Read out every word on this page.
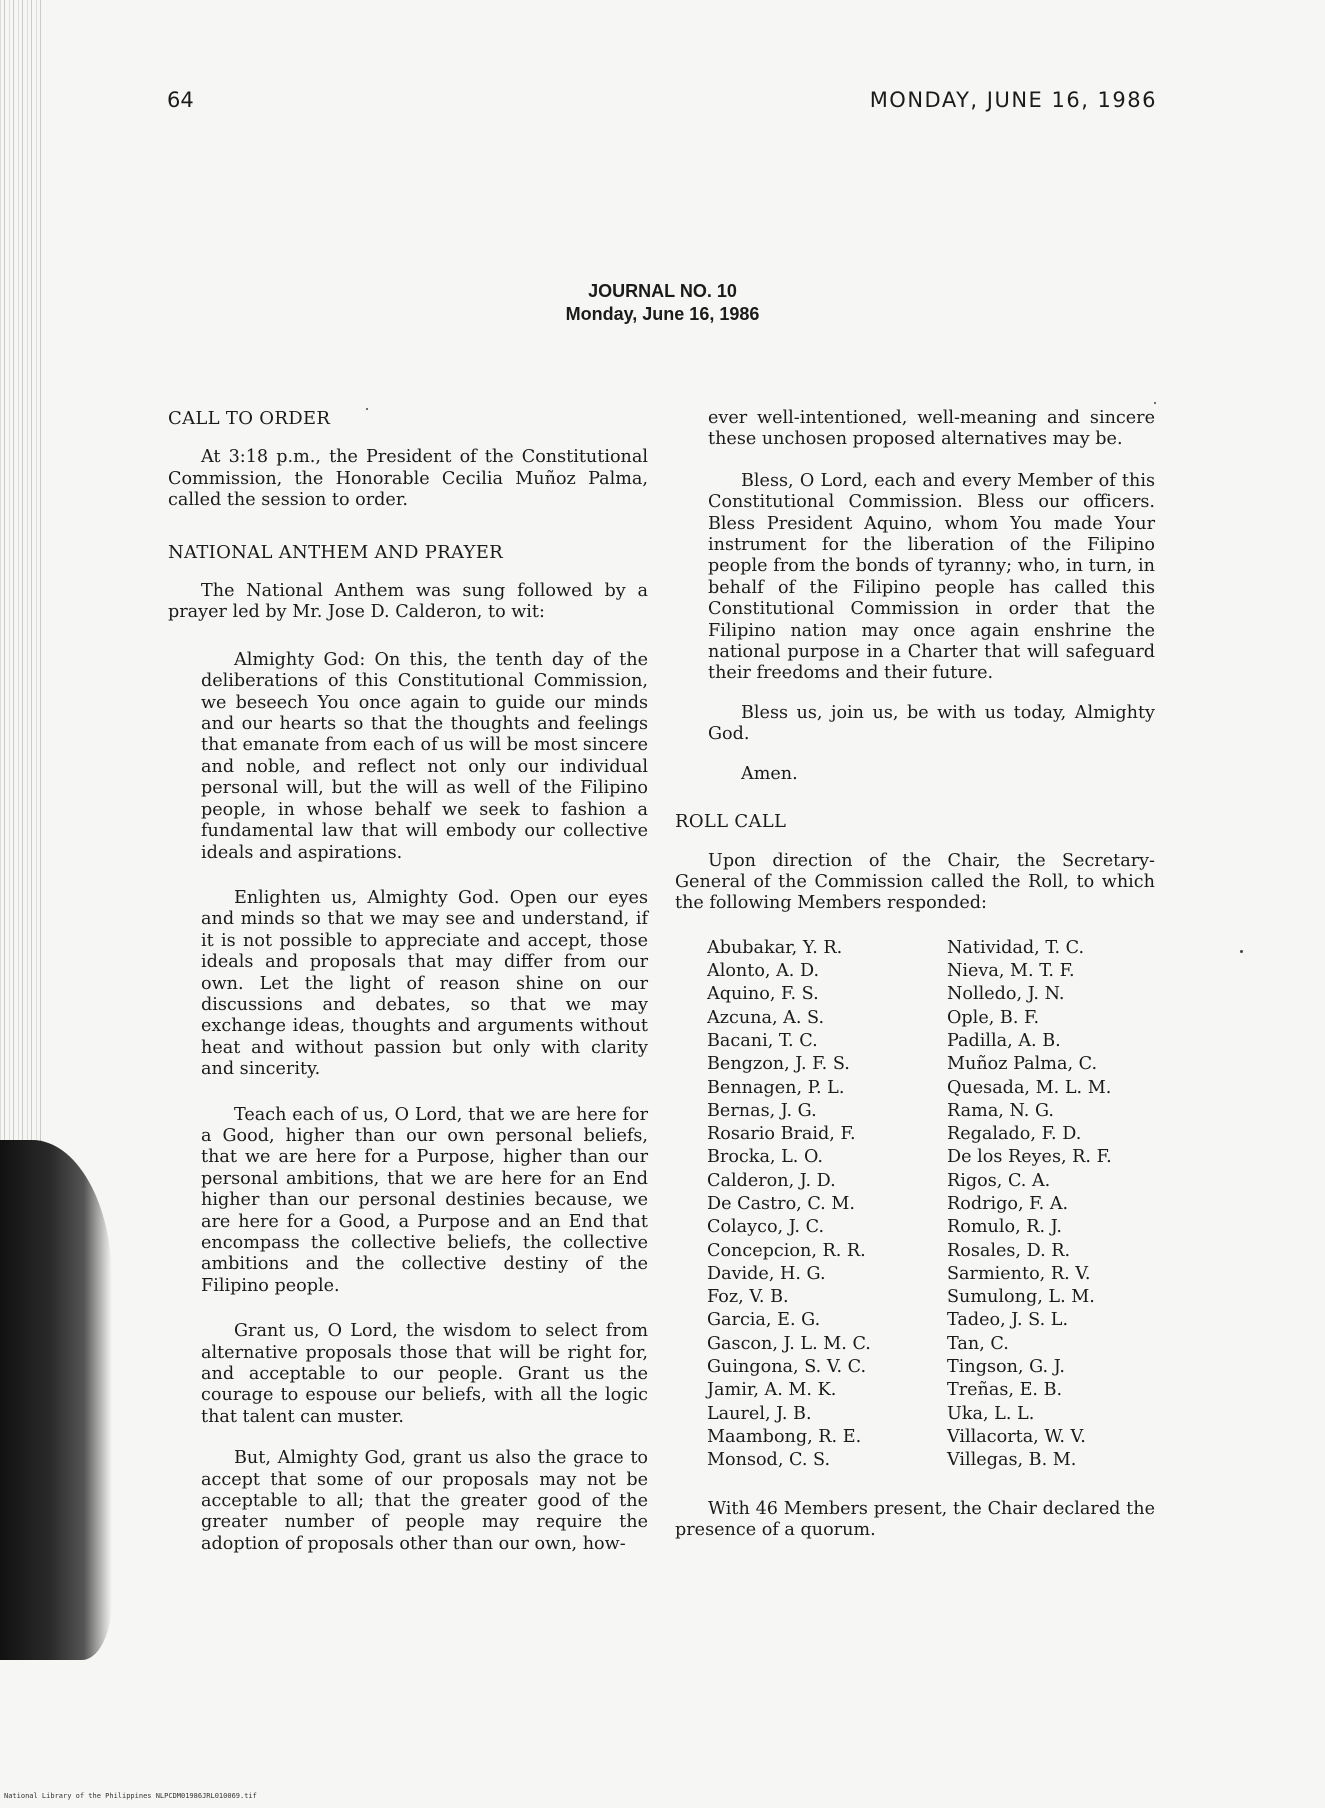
64	MONDAY, JUNE 16, 1986
JOURNAL NO. 10
Monday, June 16, 1986
CALL TO ORDER

At 3:18 p.m., the President of the Constitutional Commission, the Honorable Cecilia Muñoz Palma, called the session to order.

NATIONAL ANTHEM AND PRAYER

The National Anthem was sung followed by a prayer led by Mr. Jose D. Calderon, to wit:

Almighty God: On this, the tenth day of the deliberations of this Constitutional Commission, we beseech You once again to guide our minds and our hearts so that the thoughts and feelings that emanate from each of us will be most sincere and noble, and reflect not only our individual personal will, but the will as well of the Filipino people, in whose behalf we seek to fashion a fundamental law that will embody our collective ideals and aspirations.

Enlighten us, Almighty God. Open our eyes and minds so that we may see and understand, if it is not possible to appreciate and accept, those ideals and proposals that may differ from our own. Let the light of reason shine on our discussions and debates, so that we may exchange ideas, thoughts and arguments without heat and without passion but only with clarity and sincerity.

Teach each of us, O Lord, that we are here for a Good, higher than our own personal beliefs, that we are here for a Purpose, higher than our personal ambitions, that we are here for an End higher than our personal destinies because, we are here for a Good, a Purpose and an End that encompass the collective beliefs, the collective ambitions and the collective destiny of the Filipino people.

Grant us, O Lord, the wisdom to select from alternative proposals those that will be right for, and acceptable to our people. Grant us the courage to espouse our beliefs, with all the logic that talent can muster.

But, Almighty God, grant us also the grace to accept that some of our proposals may not be acceptable to all; that the greater good of the greater number of people may require the adoption of proposals other than our own, how-

ever well-intentioned, well-meaning and sincere these unchosen proposed alternatives may be.

Bless, O Lord, each and every Member of this Constitutional Commission. Bless our officers. Bless President Aquino, whom You made Your instrument for the liberation of the Filipino people from the bonds of tyranny; who, in turn, in behalf of the Filipino people has called this Constitutional Commission in order that the Filipino nation may once again enshrine the national purpose in a Charter that will safeguard their freedoms and their future.

Bless us, join us, be with us today, Almighty God.

Amen.

ROLL CALL

Upon direction of the Chair, the Secretary-General of the Commission called the Roll, to which the following Members responded:

Abubakar, Y. R.
Alonto, A. D.
Aquino, F. S.
Azcuna, A. S.
Bacani, T. C.
Bengzon, J. F. S.
Bennagen, P. L.
Bernas, J. G.
Rosario Braid, F.
Brocka, L. O.
Calderon, J. D.
De Castro, C. M.
Colayco, J. C.
Concepcion, R. R.
Davide, H. G.
Foz, V. B.
Garcia, E. G.
Gascon, J. L. M. C.
Guingona, S. V. C.
Jamir, A. M. K.
Laurel, J. B.
Maambong, R. E.
Monsod, C. S.
Natividad, T. C.
Nieva, M. T. F.
Nolledo, J. N.
Ople, B. F.
Padilla, A. B.
Muñoz Palma, C.
Quesada, M. L. M.
Rama, N. G.
Regalado, F. D.
De los Reyes, R. F.
Rigos, C. A.
Rodrigo, F. A.
Romulo, R. J.
Rosales, D. R.
Sarmiento, R. V.
Sumulong, L. M.
Tadeo, J. S. L.
Tan, C.
Tingson, G. J.
Treñas, E. B.
Uka, L. L.
Villacorta, W. V.
Villegas, B. M.

With 46 Members present, the Chair declared the presence of a quorum.

National Library of the Philippines NLPCDM01986JRL010069.tif
